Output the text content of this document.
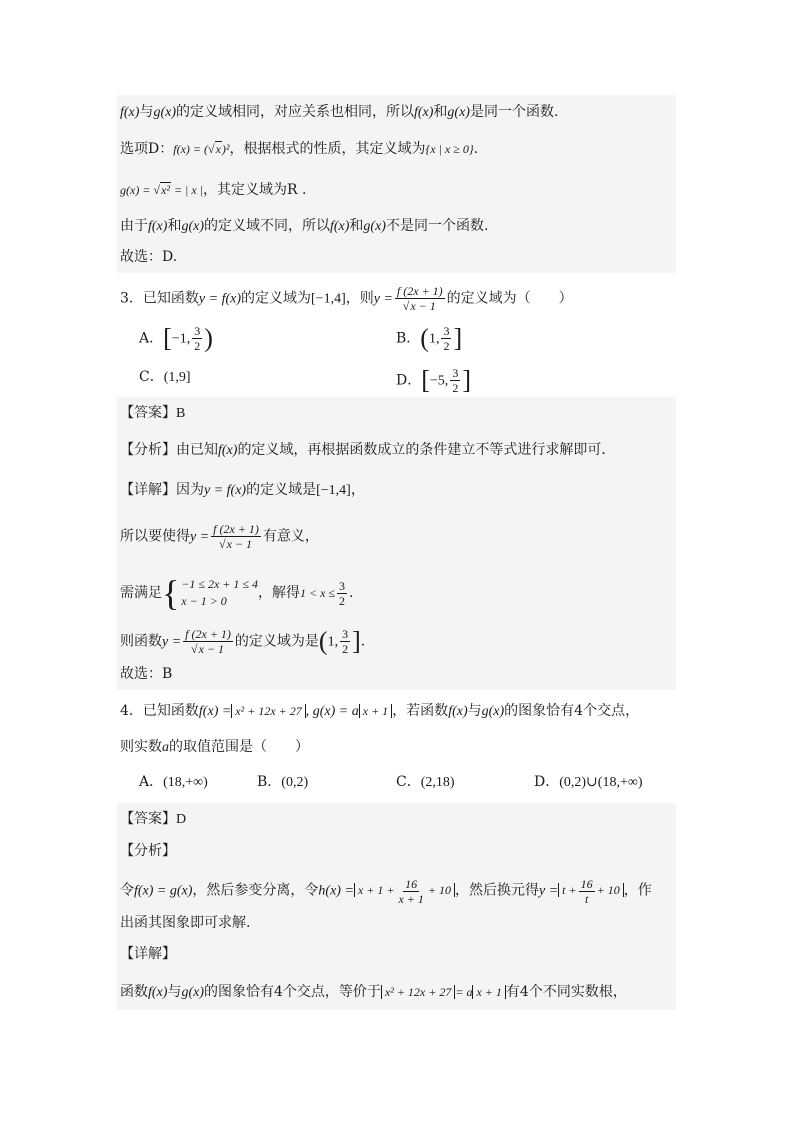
f(x)与g(x)的定义域相同，对应关系也相同，所以f(x)和g(x)是同一个函数.
选项D：f(x) = (√x)²，根据根式的性质，其定义域为{x | x ≥ 0}.
g(x) = √x² = | x |，其定义域为R .
由于f(x)和g(x)的定义域不同，所以f(x)和g(x)不是同一个函数.
故选：D.
3．已知函数y = f(x)的定义域为[−1,4]，则$y = \frac{f (2x + 1)}{√x - 1}$ 的定义域为（　　）
A．[−1, $\frac{3}{2}$ )	B．(1, $\frac{3}{2}$ ]
C．(1,9]	D．[−5, $\frac{3}{2}$ ]
【答案】B
【分析】由已知f(x)的定义域，再根据函数成立的条件建立不等式进行求解即可．
【详解】因为y = f(x)的定义域是[−1,4]，
所以要使得$y = \frac{f (2x + 1)}{√x - 1}$ 有意义，
需满足 { −1 ≤ 2x + 1 ≤ 4
x − 1 > 0	，解得$1 < x \le \frac{3}{2}$ .
则函数$y = \frac{f (2x + 1)}{√x - 1}$ 的定义域为是(1, $\frac{3}{2}$ ].
故选：B
4．已知函数f(x) = x² + 12x + 27 , g(x) = a x + 1 ，若函数f(x)与g(x)的图象恰有4个交点，
则实数a的取值范围是（　　）
A．(18,+∞)	B．(0,2)	C．(2,18)	D．(0,2)∪(18,+∞)
【答案】D
【分析】
令f(x) = g(x)，然后参变分离，令$h(x) = x + 1 + \frac{16}{x + 1} + 10$ ，然后换元得$y = t + \frac{16}{t} + 10$ ，作
出函其图象即可求解.
【详解】
函数f(x)与g(x)的图象恰有4个交点，等价于 x² + 12x + 27 = a x + 1 有4个不同实数根，
